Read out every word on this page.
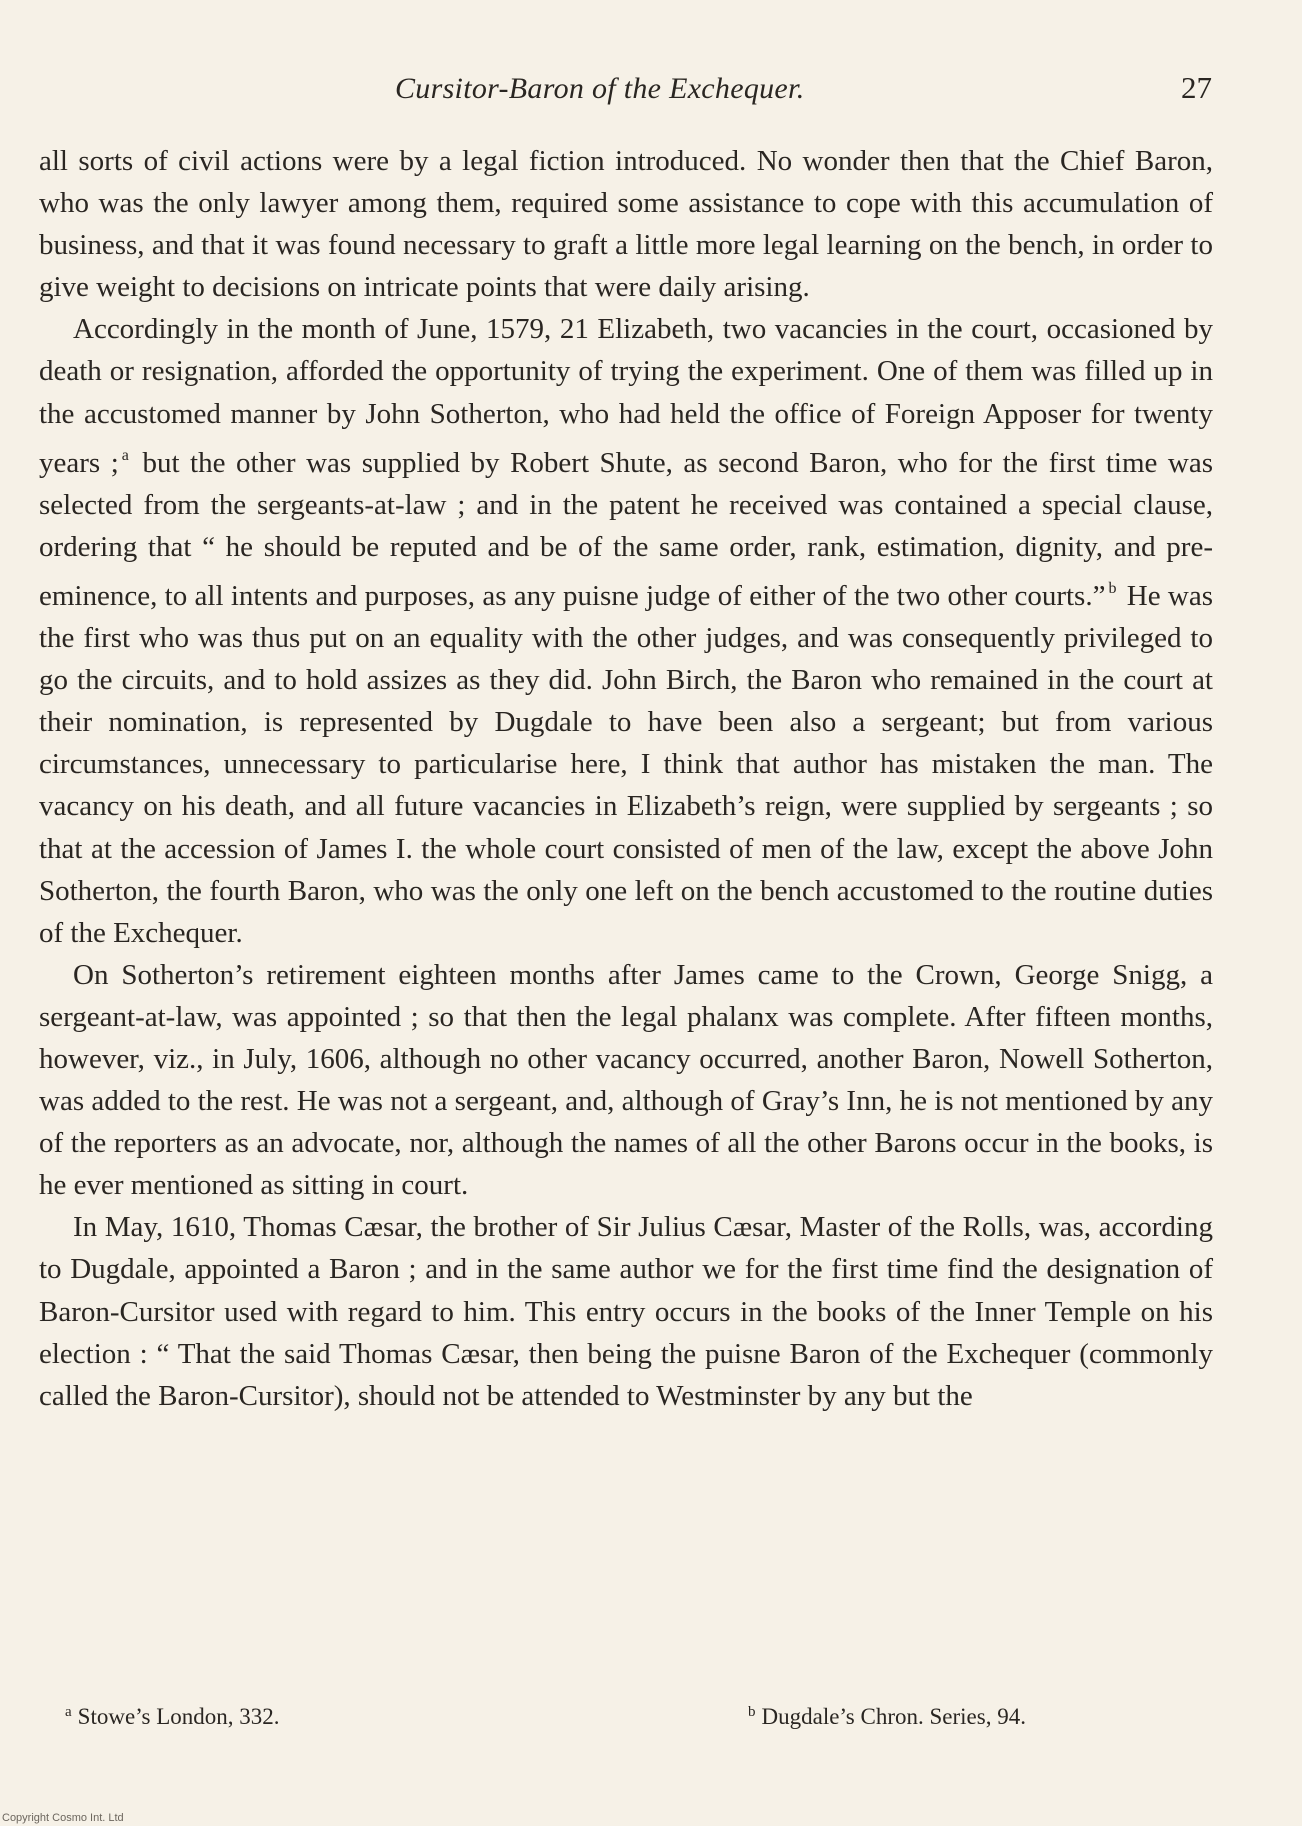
Cursitor-Baron of the Exchequer.	27

all sorts of civil actions were by a legal fiction introduced. No wonder then that the Chief Baron, who was the only lawyer among them, required some assistance to cope with this accumulation of business, and that it was found necessary to graft a little more legal learning on the bench, in order to give weight to decisions on intricate points that were daily arising.

Accordingly in the month of June, 1579, 21 Elizabeth, two vacancies in the court, occasioned by death or resignation, afforded the opportunity of trying the experiment. One of them was filled up in the accustomed manner by John Sotherton, who had held the office of Foreign Apposer for twenty years ; $^a$ but the other was supplied by Robert Shute, as second Baron, who for the first time was selected from the sergeants-at-law ; and in the patent he received was contained a special clause, ordering that “ he should be reputed and be of the same order, rank, estimation, dignity, and pre-eminence, to all intents and purposes, as any puisne judge of either of the two other courts.” $^b$ He was the first who was thus put on an equality with the other judges, and was consequently privileged to go the circuits, and to hold assizes as they did. John Birch, the Baron who remained in the court at their nomination, is represented by Dugdale to have been also a sergeant; but from various circumstances, unnecessary to particularise here, I think that author has mistaken the man. The vacancy on his death, and all future vacancies in Elizabeth’s reign, were supplied by sergeants ; so that at the accession of James I. the whole court consisted of men of the law, except the above John Sotherton, the fourth Baron, who was the only one left on the bench accustomed to the routine duties of the Exchequer.

On Sotherton’s retirement eighteen months after James came to the Crown, George Snigg, a sergeant-at-law, was appointed ; so that then the legal phalanx was complete. After fifteen months, however, viz., in July, 1606, although no other vacancy occurred, another Baron, Nowell Sotherton, was added to the rest. He was not a sergeant, and, although of Gray’s Inn, he is not mentioned by any of the reporters as an advocate, nor, although the names of all the other Barons occur in the books, is he ever mentioned as sitting in court.

In May, 1610, Thomas Cæsar, the brother of Sir Julius Cæsar, Master of the Rolls, was, according to Dugdale, appointed a Baron ; and in the same author we for the first time find the designation of Baron-Cursitor used with regard to him. This entry occurs in the books of the Inner Temple on his election : “ That the said Thomas Cæsar, then being the puisne Baron of the Exchequer (commonly called the Baron-Cursitor), should not be attended to Westminster by any but the

$^a$ Stowe’s London, 332.	$^b$ Dugdale’s Chron. Series, 94.
Copyright Cosmo Int. Ltd
